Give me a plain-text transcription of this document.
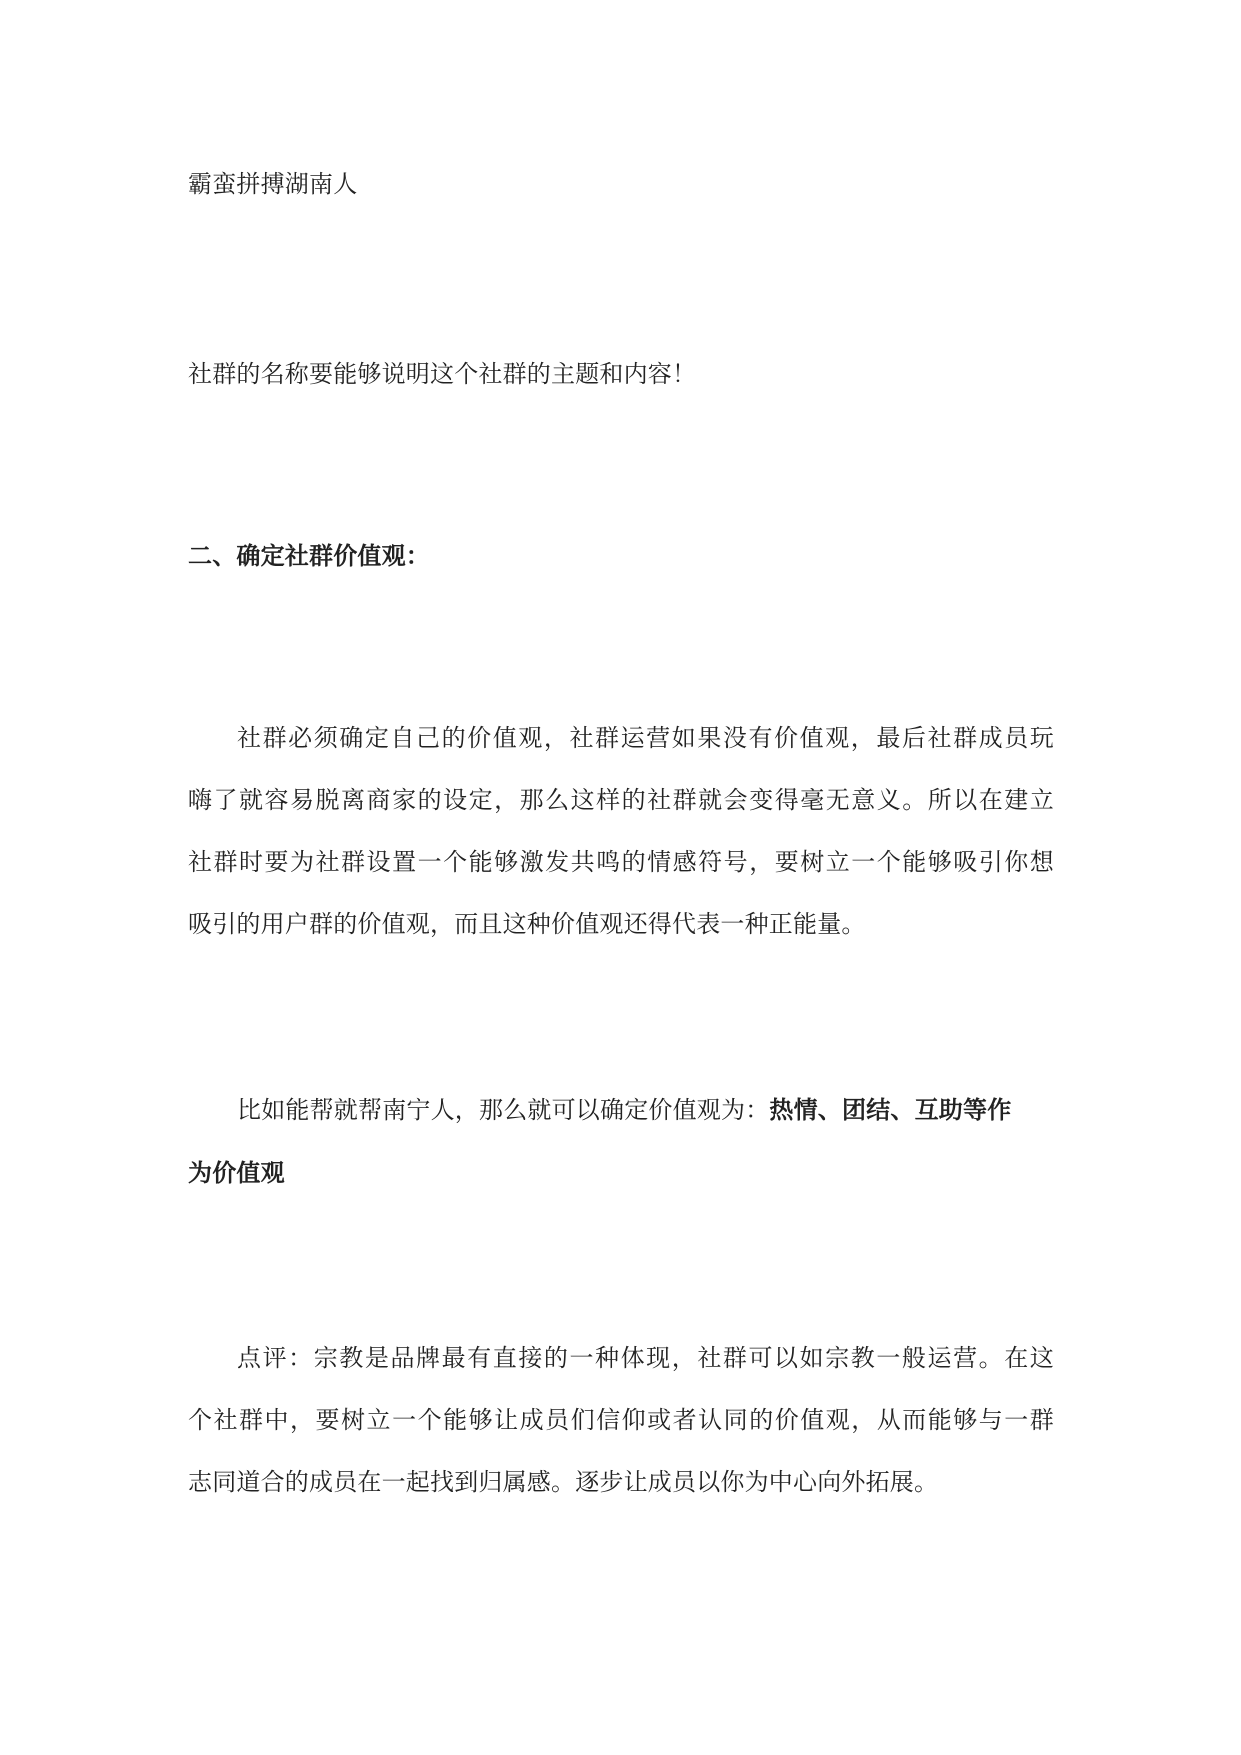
霸蛮拼搏湖南人
社群的名称要能够说明这个社群的主题和内容！
二、确定社群价值观：
社群必须确定自己的价值观，社群运营如果没有价值观，最后社群成员玩
嗨了就容易脱离商家的设定，那么这样的社群就会变得毫无意义。所以在建立
社群时要为社群设置一个能够激发共鸣的情感符号，要树立一个能够吸引你想
吸引的用户群的价值观，而且这种价值观还得代表一种正能量。
比如能帮就帮南宁人，那么就可以确定价值观为：热情、团结、互助等作
为价值观
点评：宗教是品牌最有直接的一种体现，社群可以如宗教一般运营。在这
个社群中，要树立一个能够让成员们信仰或者认同的价值观，从而能够与一群
志同道合的成员在一起找到归属感。逐步让成员以你为中心向外拓展。
